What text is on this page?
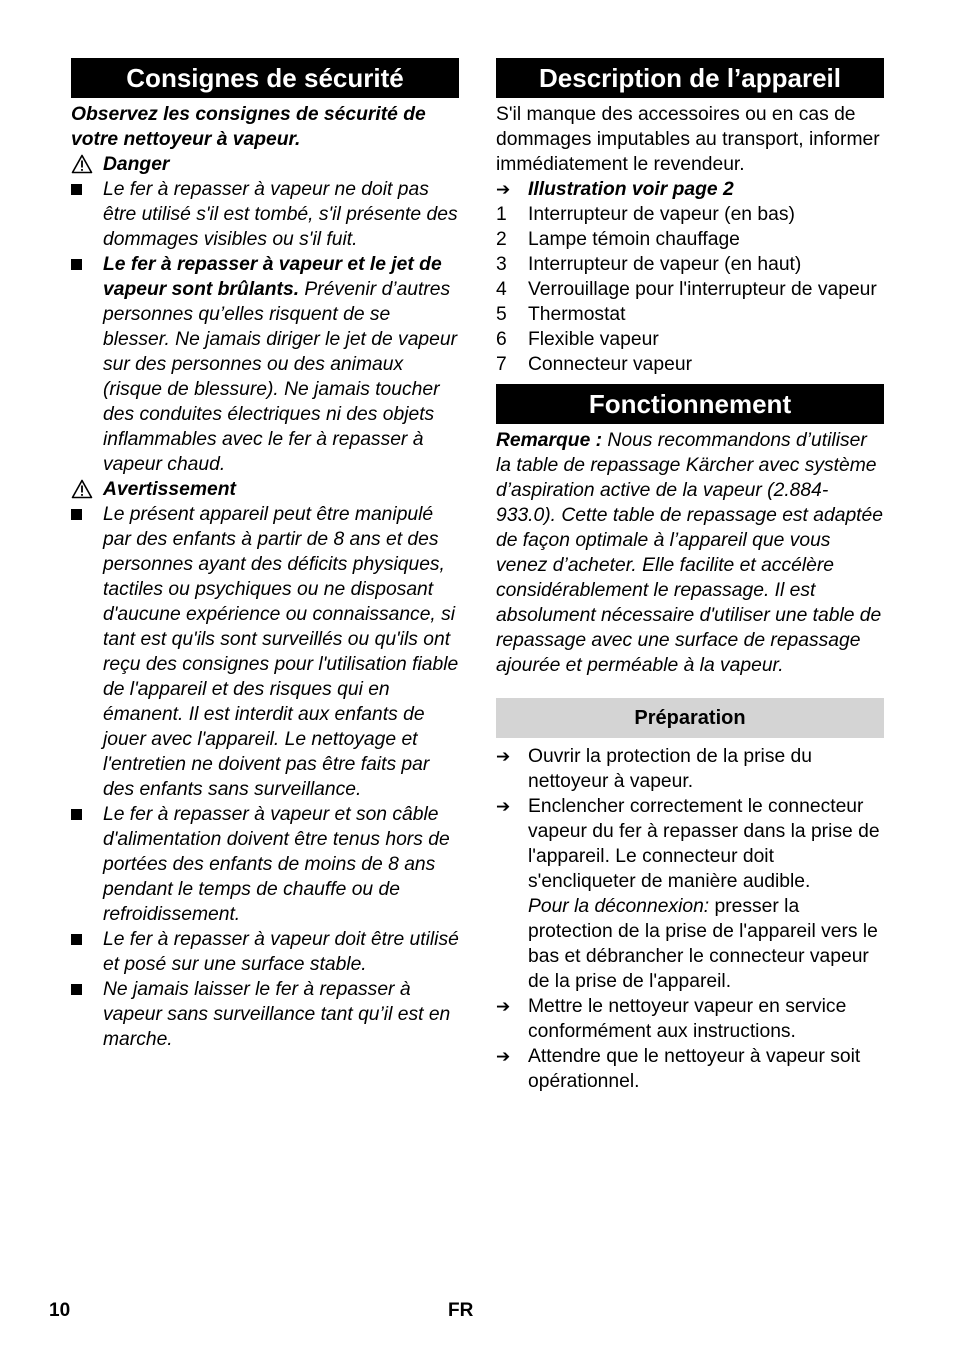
Consignes de sécurité

Observez les consignes de sécurité de votre nettoyeur à vapeur.

Danger
Le fer à repasser à vapeur ne doit pas être utilisé s'il est tombé, s'il présente des dommages visibles ou s'il fuit.
Le fer à repasser à vapeur et le jet de vapeur sont brûlants. Prévenir d’autres personnes qu’elles risquent de se blesser. Ne jamais diriger le jet de vapeur sur des personnes ou des animaux (risque de blessure). Ne jamais toucher des conduites électriques ni des objets inflammables avec le fer à repasser à vapeur chaud.
Avertissement
Le présent appareil peut être manipulé par des enfants à partir de 8 ans et des personnes ayant des déficits physiques, tactiles ou psychiques ou ne disposant d'aucune expérience ou connaissance, si tant est qu'ils sont surveillés ou qu'ils ont reçu des consignes pour l'utilisation fiable de l'appareil et des risques qui en émanent. Il est interdit aux enfants de jouer avec l'appareil. Le nettoyage et l'entretien ne doivent pas être faits par des enfants sans surveillance.
Le fer à repasser à vapeur et son câble d'alimentation doivent être tenus hors de portées des enfants de moins de 8 ans pendant le temps de chauffe ou de refroidissement.
Le fer à repasser à vapeur doit être utilisé et posé sur une surface stable.
Ne jamais laisser le fer à repasser à vapeur sans surveillance tant qu’il est en marche.
Description de l’appareil

S'il manque des accessoires ou en cas de dommages imputables au transport, informer immédiatement le revendeur.

➔ Illustration voir page 2
1 Interrupteur de vapeur (en bas)
2 Lampe témoin chauffage
3 Interrupteur de vapeur (en haut)
4 Verrouillage pour l'interrupteur de vapeur
5 Thermostat
6 Flexible vapeur
7 Connecteur vapeur
Fonctionnement

Remarque : Nous recommandons d’utiliser la table de repassage Kärcher avec système d’aspiration active de la vapeur (2.884-933.0). Cette table de repassage est adaptée de façon optimale à l’appareil que vous venez d’acheter. Elle facilite et accélère considérablement le repassage. Il est absolument nécessaire d'utiliser une table de repassage avec une surface de repassage ajourée et perméable à la vapeur.

Préparation
➔ Ouvrir la protection de la prise du nettoyeur à vapeur.
➔ Enclencher correctement le connecteur vapeur du fer à repasser dans la prise de l'appareil. Le connecteur doit s'encliqueter de manière audible.
Pour la déconnexion: presser la protection de la prise de l'appareil vers le bas et débrancher le connecteur vapeur de la prise de l'appareil.
➔ Mettre le nettoyeur vapeur en service conformément aux instructions.
➔ Attendre que le nettoyeur à vapeur soit opérationnel.
10	FR
